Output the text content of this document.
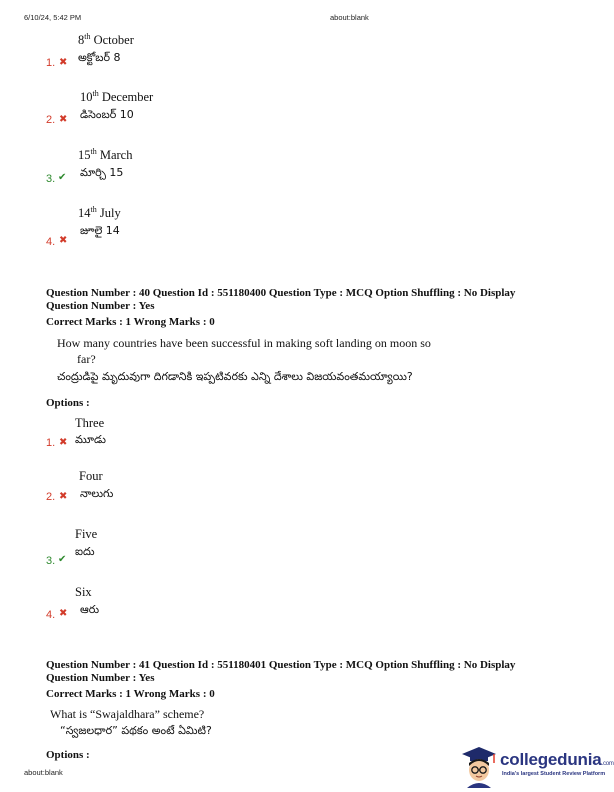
6/10/24, 5:42 PM	about:blank
8th October
అక్టోబర్ 8
1. ✖
10th December
డిసెంబర్ 10
2. ✖
15th March
మార్చి 15
3. ✔
14th July
జూలై 14
4. ✖
Question Number : 40 Question Id : 551180400 Question Type : MCQ Option Shuffling : No Display
Question Number : Yes
Correct Marks : 1 Wrong Marks : 0
How many countries have been successful in making soft landing on moon so
far?
చంద్రుడిపై మృదువుగా దిగడానికి ఇప్పటివరకు ఎన్ని దేశాలు విజయవంతమయ్యాయి?
Options :
Three
మూడు
1. ✖
Four
నాలుగు
2. ✖
Five
ఐదు
3. ✔
Six
ఆరు
4. ✖
Question Number : 41 Question Id : 551180401 Question Type : MCQ Option Shuffling : No Display
Question Number : Yes
Correct Marks : 1 Wrong Marks : 0
What is “Swajaldhara” scheme?
“స్వజలధార” పథకం అంటే ఏమిటి?
Options :
about:blank
collegedunia.com
India's largest Student Review Platform
